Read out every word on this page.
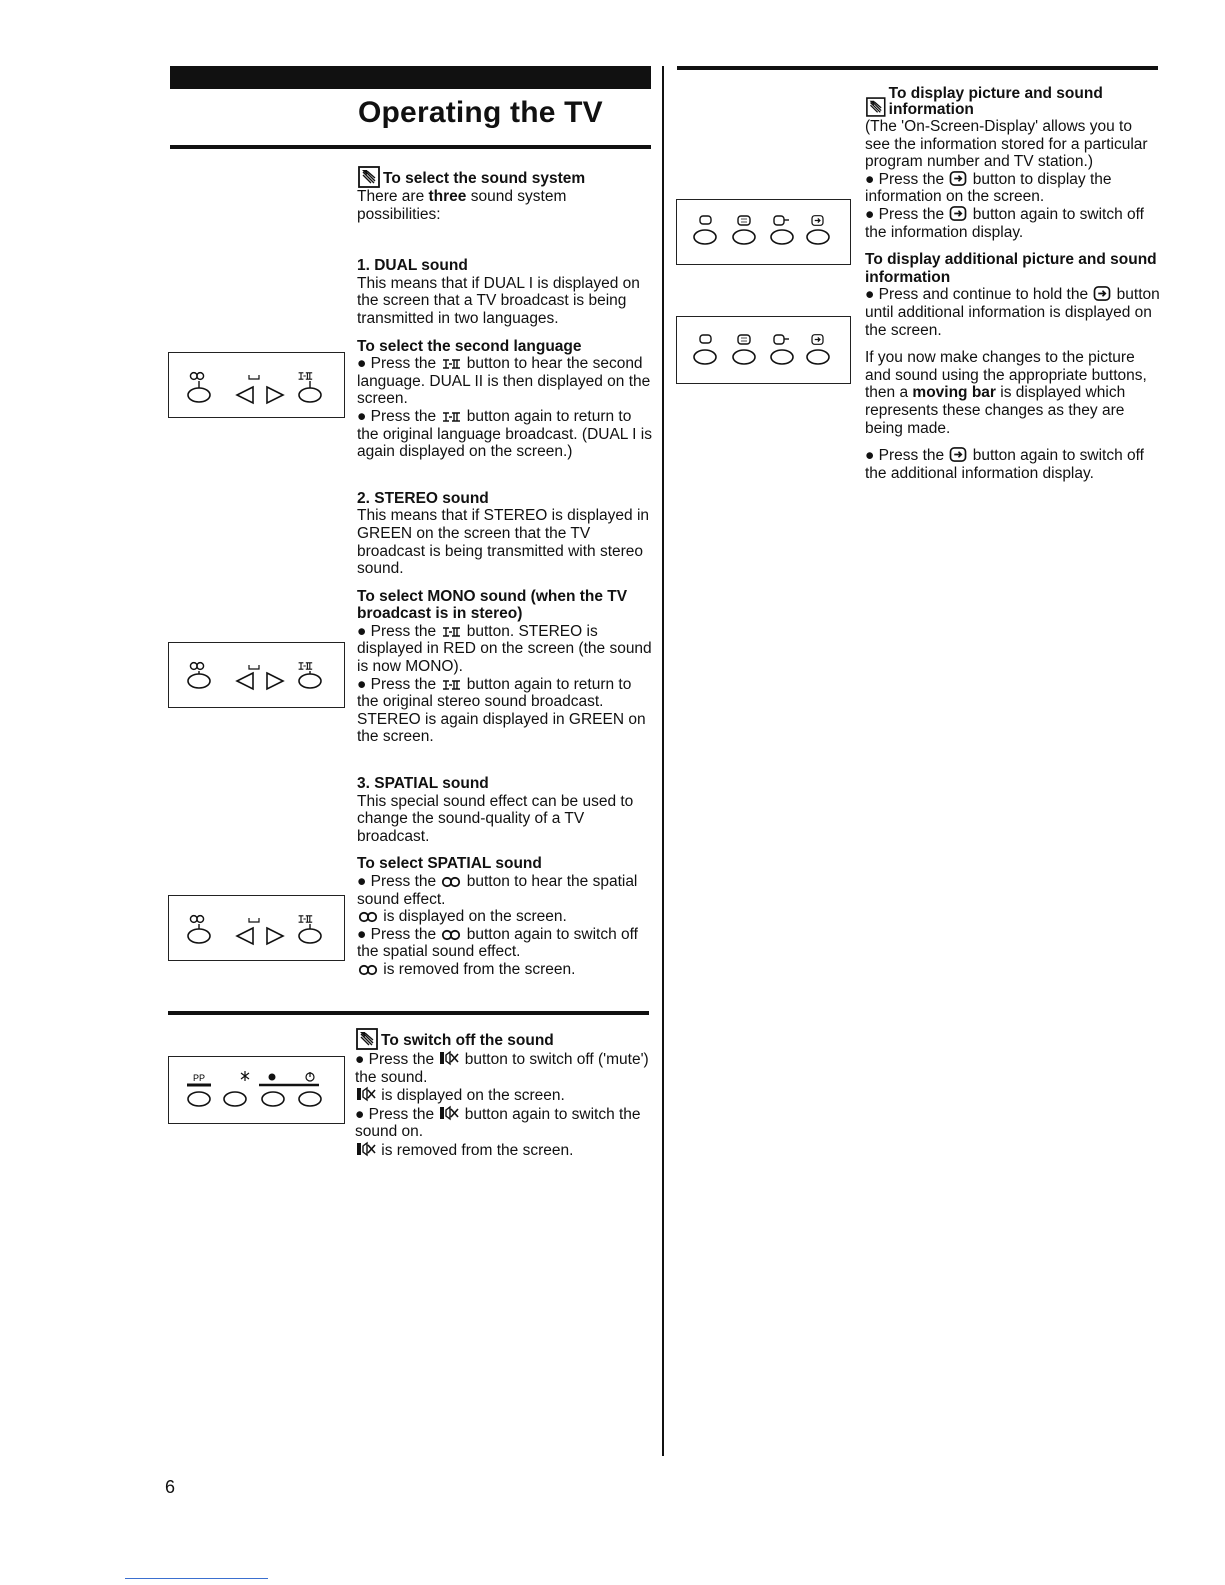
Operating the TV
To select the sound system

There are three sound system possibilities:

1. DUAL sound

This means that if DUAL I is displayed on the screen that a TV broadcast is being transmitted in two languages.

To select the second language

● Press the  button to hear the second language. DUAL II is then displayed on the screen.

● Press the  button again to return to the original language broadcast. (DUAL I is again displayed on the screen.)

2. STEREO sound

This means that if STEREO is displayed in GREEN on the screen that the TV broadcast is being transmitted with stereo sound.

To select MONO sound (when the TV broadcast is in stereo)

● Press the  button. STEREO is displayed in RED on the screen (the sound is now MONO).

● Press the  button again to return to the original stereo sound broadcast. STEREO is again displayed in GREEN on the screen.

3. SPATIAL sound

This special sound effect can be used to change the sound-quality of a TV broadcast.

To select SPATIAL sound

● Press the  button to hear the spatial sound effect.

is displayed on the screen.

● Press the  button again to switch off the spatial sound effect.

is removed from the screen.

To switch off the sound

● Press the  button to switch off ('mute') the sound.

is displayed on the screen.

● Press the  button again to switch the sound on.

is removed from the screen.

PP
To display picture and sound information

(The 'On-Screen-Display' allows you to see the information stored for a particular program number and TV station.)

● Press the  button to display the information on the screen.

● Press the  button again to switch off the information display.

To display additional picture and sound information

● Press and continue to hold the  button until additional information is displayed on the screen.

If you now make changes to the picture and sound using the appropriate buttons, then a moving bar is displayed which represents these changes as they are being made.

● Press the  button again to switch off the additional information display.

6
